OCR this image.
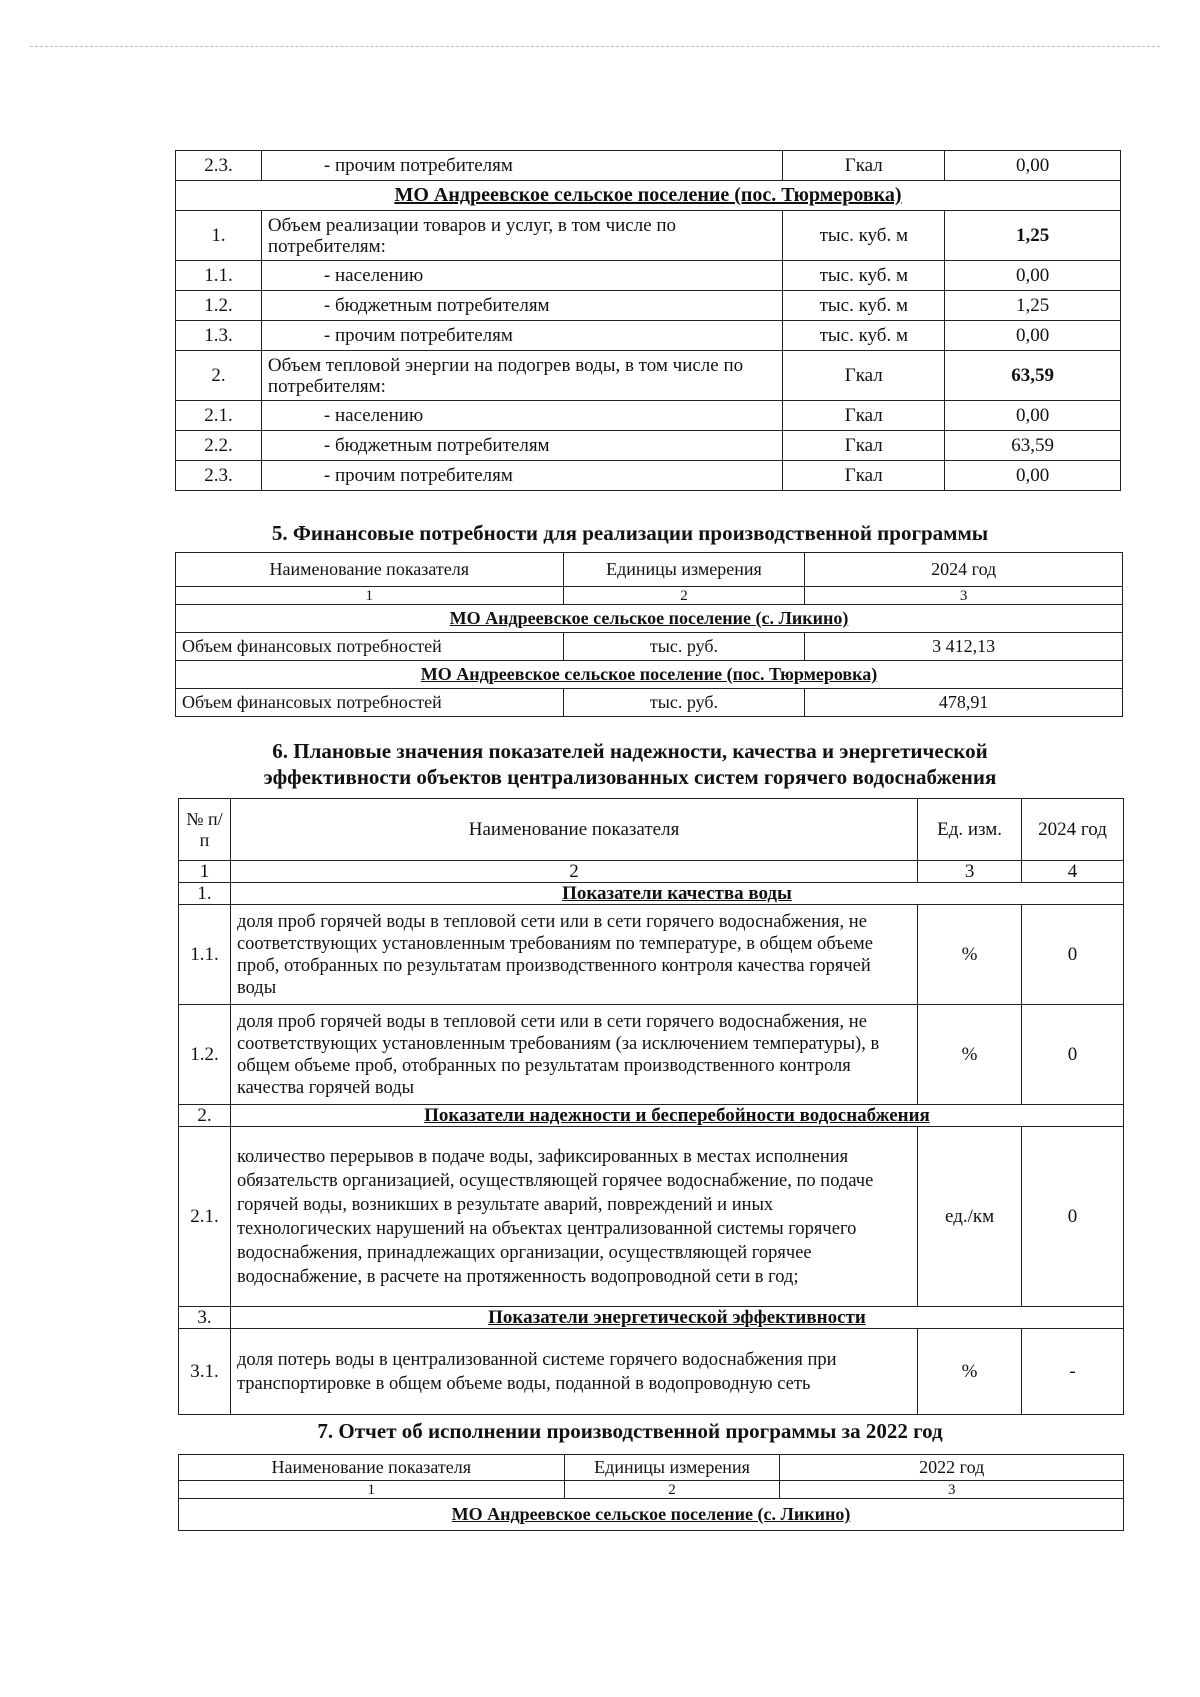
2.3.	- прочим потребителям	Гкал	0,00
МО Андреевское сельское поселение (пос. Тюрмеровка)			
1.	Объем реализации товаров и услуг, в том числе по потребителям:	тыс. куб. м	1,25
1.1.	- населению	тыс. куб. м	0,00
1.2.	- бюджетным потребителям	тыс. куб. м	1,25
1.3.	- прочим потребителям	тыс. куб. м	0,00
2.	Объем тепловой энергии на подогрев воды, в том числе по потребителям:	Гкал	63,59
2.1.	- населению	Гкал	0,00
2.2.	- бюджетным потребителям	Гкал	63,59
2.3.	- прочим потребителям	Гкал	0,00
5. Финансовые потребности для реализации производственной программы
Наименование показателя	Единицы измерения	2024 год
1	2	3
МО Андреевское сельское поселение (с. Ликино)		
Объем финансовых потребностей	тыс. руб.	3 412,13
МО Андреевское сельское поселение (пос. Тюрмеровка)		
Объем финансовых потребностей	тыс. руб.	478,91
6. Плановые значения показателей надежности, качества и энергетической
эффективности объектов централизованных систем горячего водоснабжения
№ п/п	Наименование показателя	Ед. изм.	2024 год
1	2	3	4
1.	Показатели качества воды		
1.1.	доля проб горячей воды в тепловой сети или в сети горячего водоснабжения, не соответствующих установленным требованиям по температуре, в общем объеме проб, отобранных по результатам производственного контроля качества горячей воды	%	0
1.2.	доля проб горячей воды в тепловой сети или в сети горячего водоснабжения, не соответствующих установленным требованиям (за исключением температуры), в общем объеме проб, отобранных по результатам производственного контроля качества горячей воды	%	0
2.	Показатели надежности и бесперебойности водоснабжения		
2.1.	количество перерывов в подаче воды, зафиксированных в местах исполнения обязательств организацией, осуществляющей горячее водоснабжение, по подаче горячей воды, возникших в результате аварий, повреждений и иных технологических нарушений на объектах централизованной системы горячего водоснабжения, принадлежащих организации, осуществляющей горячее водоснабжение, в расчете на протяженность водопроводной сети в год;	ед./км	0
3.	Показатели энергетической эффективности		
3.1.	доля потерь воды в централизованной системе горячего водоснабжения при транспортировке в общем объеме воды, поданной в водопроводную сеть	%	-
7. Отчет об исполнении производственной программы за 2022 год
Наименование показателя	Единицы измерения	2022 год
1	2	3
МО Андреевское сельское поселение (с. Ликино)		
